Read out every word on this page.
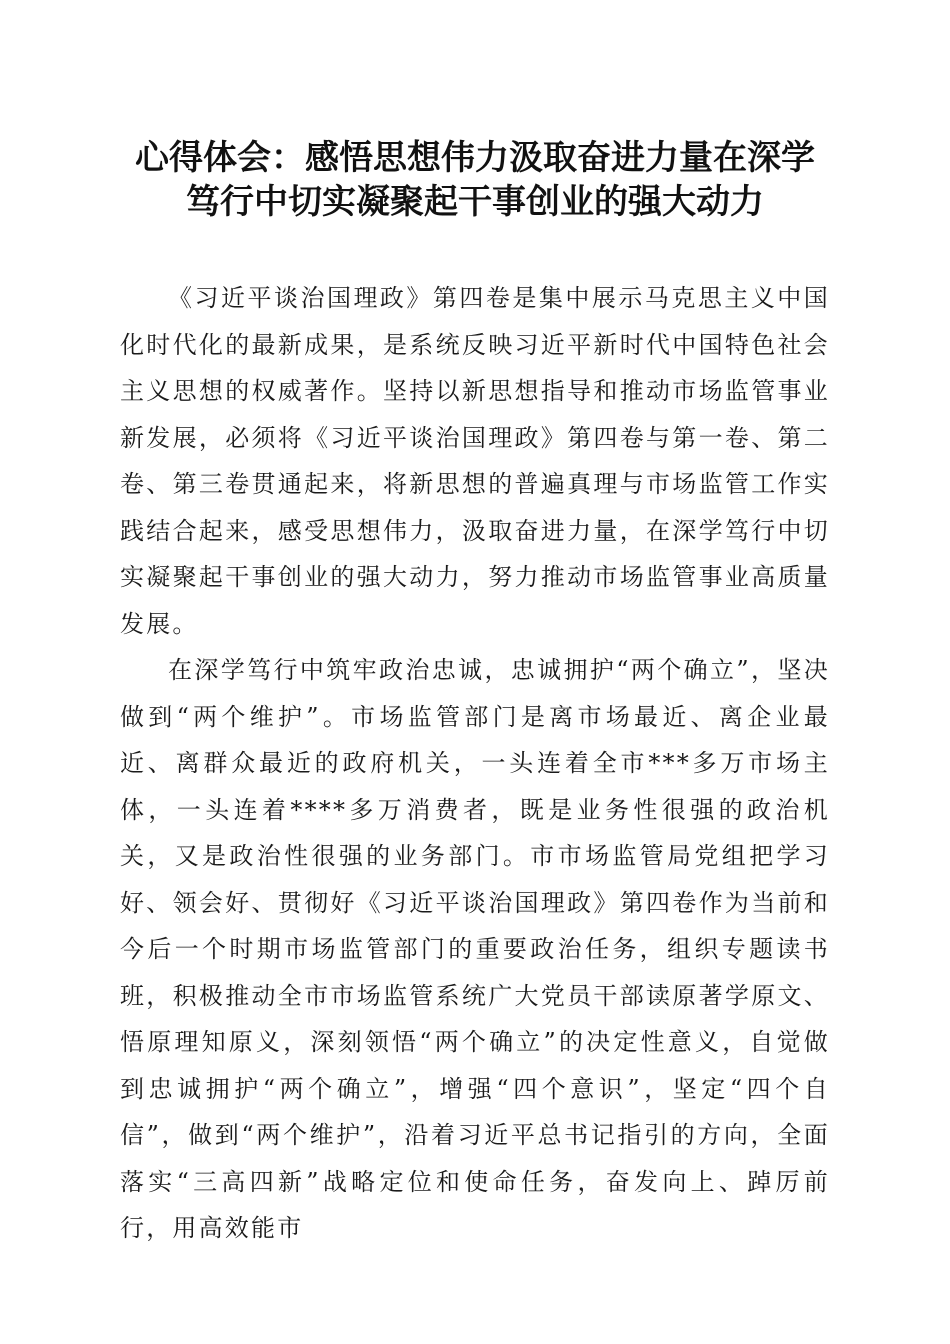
心得体会：感悟思想伟力汲取奋进力量在深学
笃行中切实凝聚起干事创业的强大动力

《习近平谈治国理政》第四卷是集中展示马克思主义中国化时代化的最新成果，是系统反映习近平新时代中国特色社会主义思想的权威著作。坚持以新思想指导和推动市场监管事业新发展，必须将《习近平谈治国理政》第四卷与第一卷、第二卷、第三卷贯通起来，将新思想的普遍真理与市场监管工作实践结合起来，感受思想伟力，汲取奋进力量，在深学笃行中切实凝聚起干事创业的强大动力，努力推动市场监管事业高质量发展。

在深学笃行中筑牢政治忠诚，忠诚拥护“两个确立”，坚决做到“两个维护”。市场监管部门是离市场最近、离企业最近、离群众最近的政府机关，一头连着全市***多万市场主体，一头连着****多万消费者，既是业务性很强的政治机关，又是政治性很强的业务部门。市市场监管局党组把学习好、领会好、贯彻好《习近平谈治国理政》第四卷作为当前和今后一个时期市场监管部门的重要政治任务，组织专题读书班，积极推动全市市场监管系统广大党员干部读原著学原文、悟原理知原义，深刻领悟“两个确立”的决定性意义，自觉做到忠诚拥护“两个确立”，增强“四个意识”，坚定“四个自信”，做到“两个维护”，沿着习近平总书记指引的方向，全面落实“三高四新”战略定位和使命任务，奋发向上、踔厉前行，用高效能市
